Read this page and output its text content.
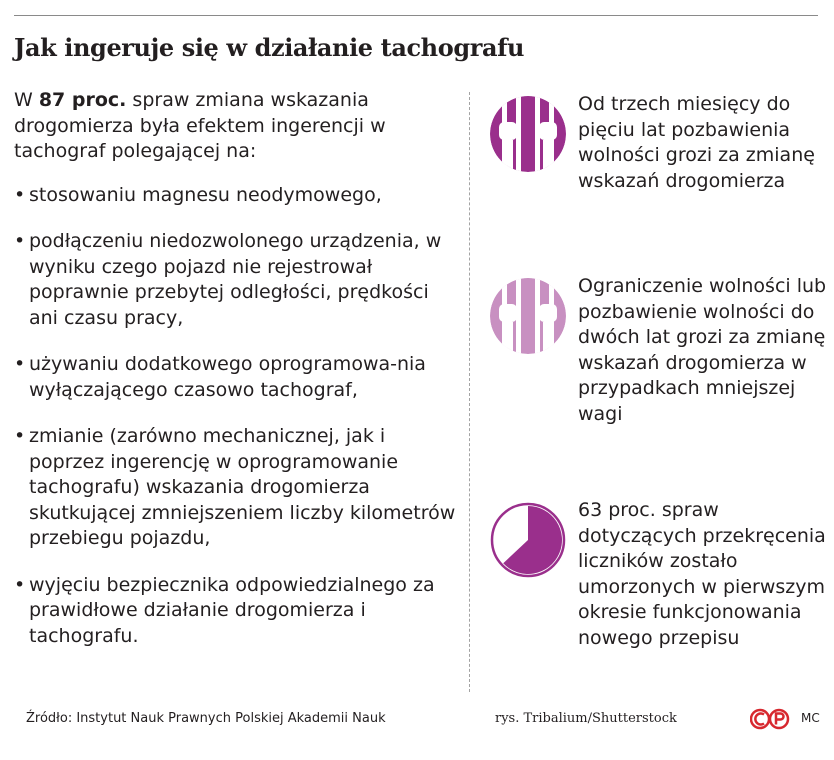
Jak ingeruje się w działanie tachografu

W 87 proc. spraw zmiana wskazania drogomierza była efektem ingerencji w tachograf polegającej na:

• stosowaniu magnesu neodymowego,
• podłączeniu niedozwolonego urządzenia, w wyniku czego pojazd nie rejestrował poprawnie przebytej odległości, prędkości ani czasu pracy,
• używaniu dodatkowego oprogramowa-nia wyłączającego czasowo tachograf,
• zmianie (zarówno mechanicznej, jak i poprzez ingerencję w oprogramowanie tachografu) wskazania drogomierza skutkującej zmniejszeniem liczby kilometrów przebiegu pojazdu,
• wyjęciu bezpiecznika odpowiedzialnego za prawidłowe działanie drogomierza i tachografu.
Od trzech miesięcy do pięciu lat pozbawienia wolności grozi za zmianę wskazań drogomierza
Ograniczenie wolności lub pozbawienie wolności do dwóch lat grozi za zmianę wskazań drogomierza w przypadkach mniejszej wagi
63 proc. spraw dotyczących przekręcenia liczników zostało umorzonych w pierwszym okresie funkcjonowania nowego przepisu
Źródło: Instytut Nauk Prawnych Polskiej Akademii Nauk	rys. Tribalium/Shutterstock	MC
